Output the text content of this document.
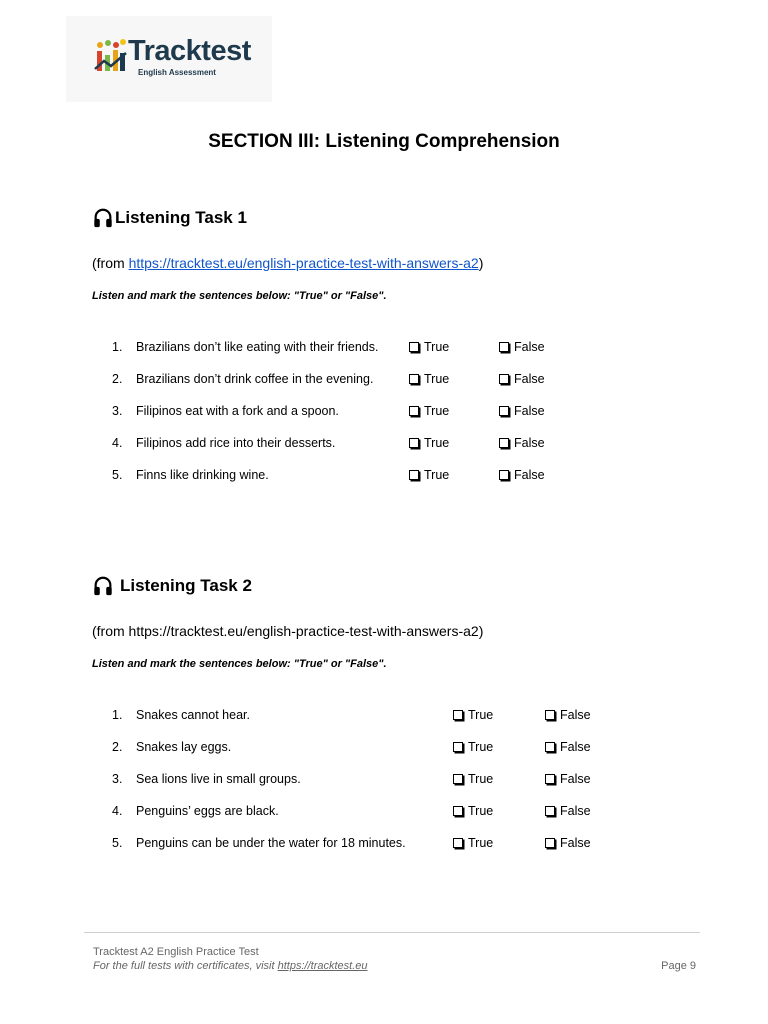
Tracktest
English Assessment
SECTION III: Listening Comprehension
Listening Task 1
(from https://tracktest.eu/english-practice-test-with-answers-a2)
Listen and mark the sentences below: "True" or "False".
1. Brazilians don’t like eating with their friends.	True	False
2. Brazilians don’t drink coffee in the evening.	True	False
3. Filipinos eat with a fork and a spoon.	True	False
4. Filipinos add rice into their desserts.	True	False
5. Finns like drinking wine.	True	False
Listening Task 2
(from https://tracktest.eu/english-practice-test-with-answers-a2)
Listen and mark the sentences below: "True" or "False".
1. Snakes cannot hear.	True	False
2. Snakes lay eggs.	True	False
3. Sea lions live in small groups.	True	False
4. Penguins’ eggs are black.	True	False
5. Penguins can be under the water for 18 minutes.	True	False
Tracktest A2 English Practice Test
For the full tests with certificates, visit https://tracktest.eu	Page 9
